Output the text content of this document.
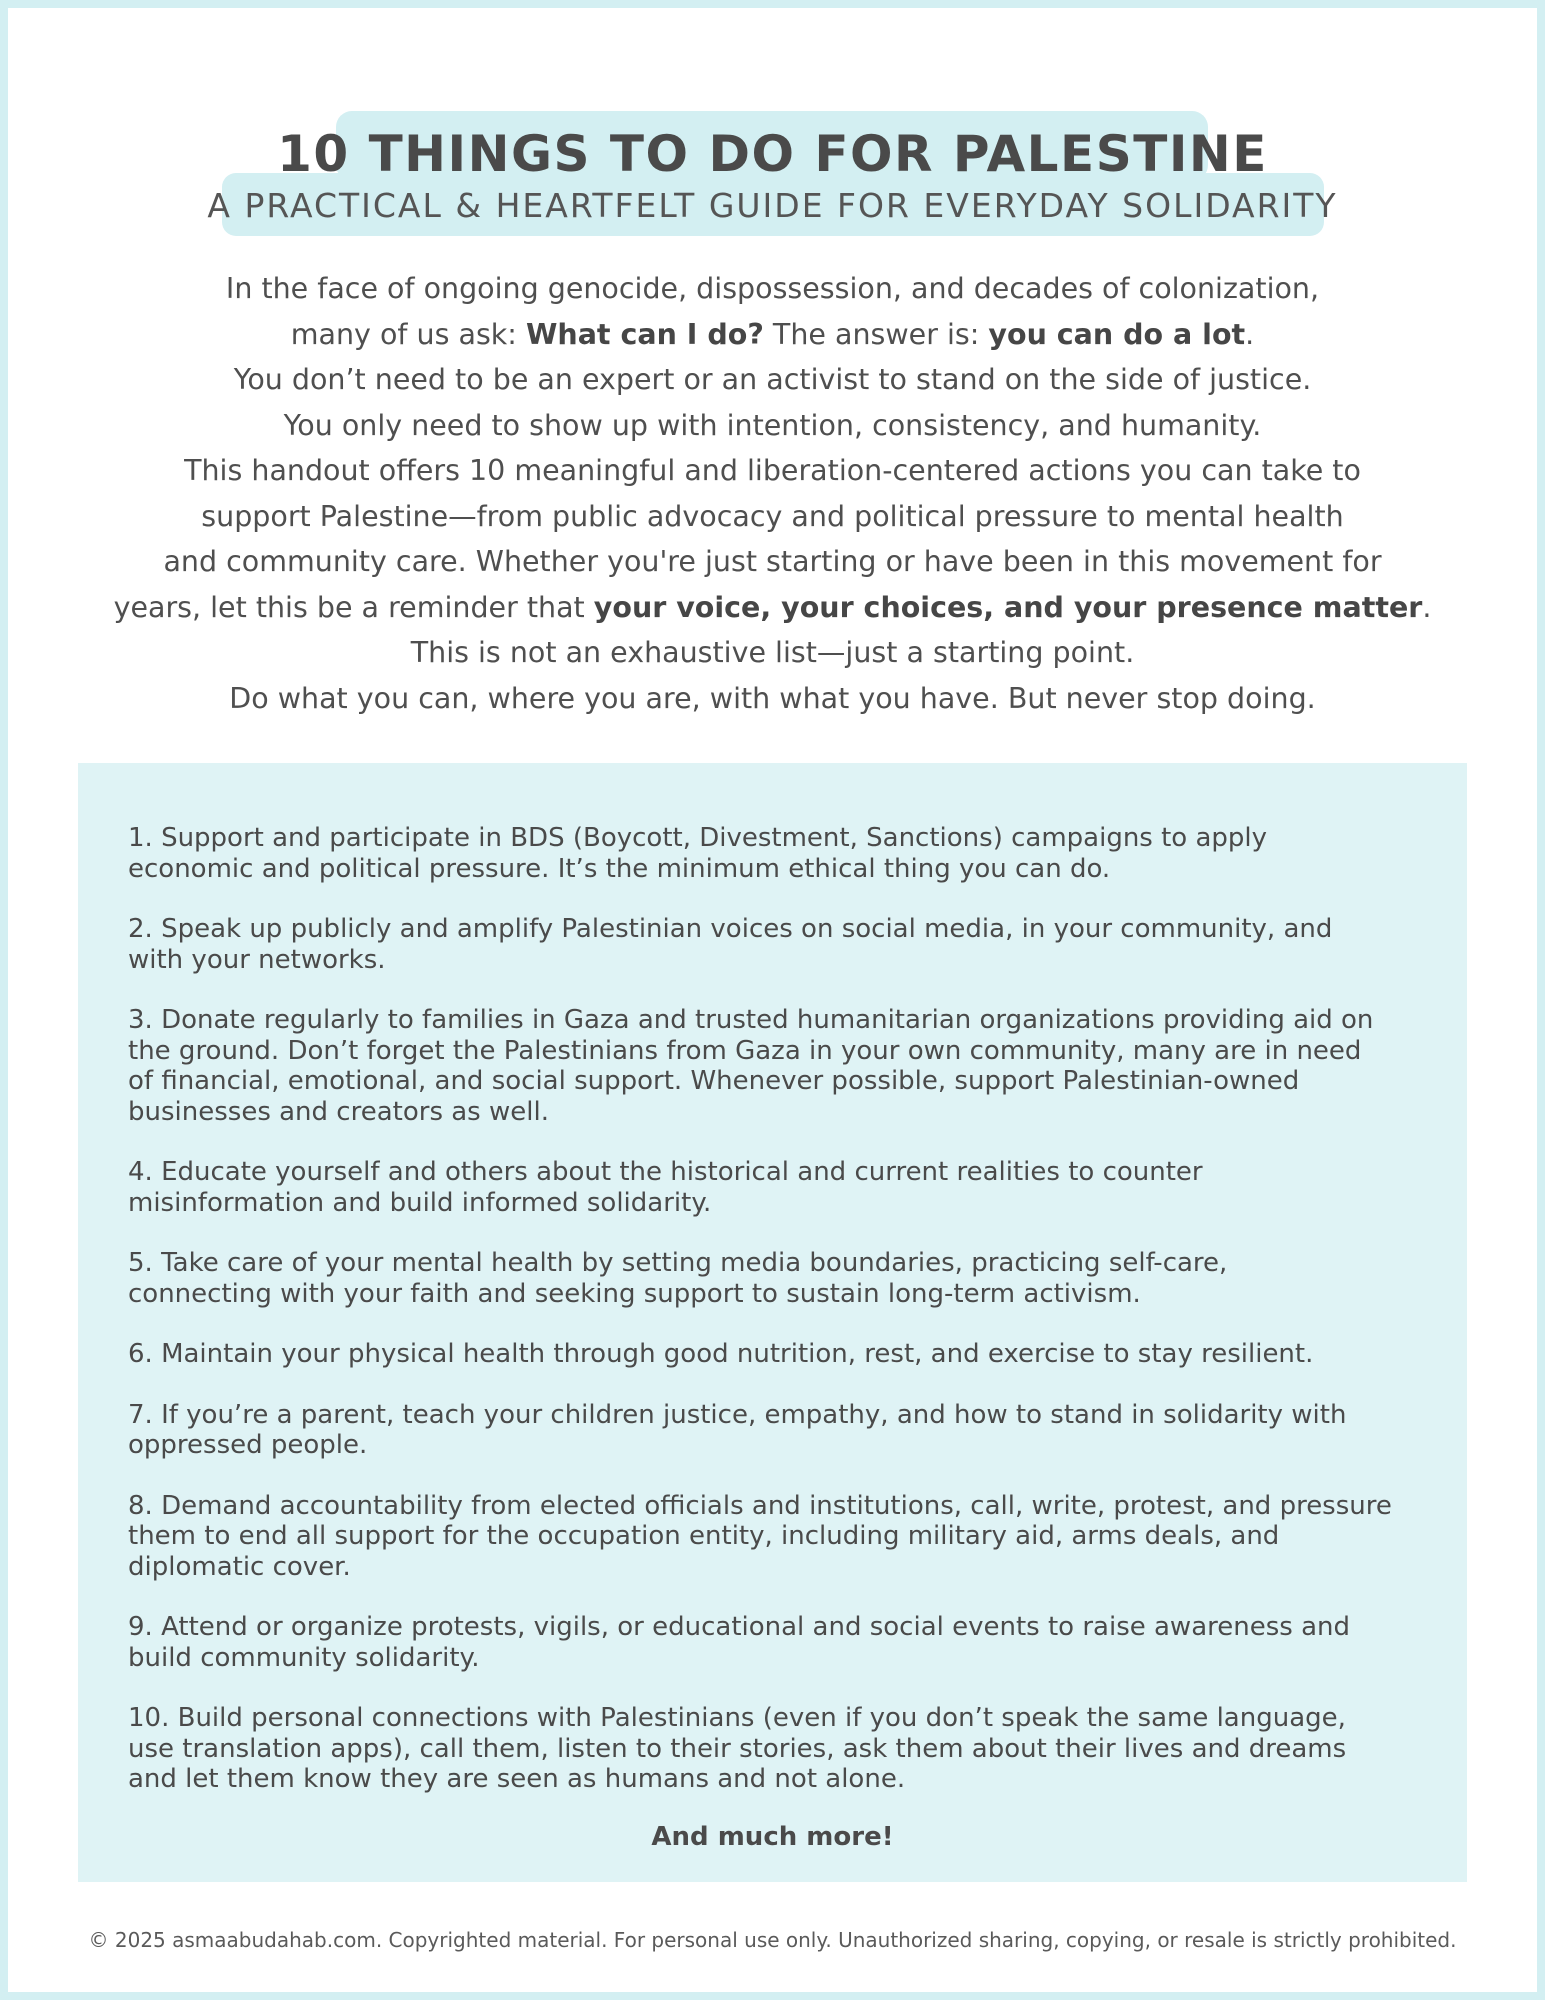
10 THINGS TO DO FOR PALESTINE
A PRACTICAL & HEARTFELT GUIDE FOR EVERYDAY SOLIDARITY

In the face of ongoing genocide, dispossession, and decades of colonization,

many of us ask: What can I do? The answer is: you can do a lot.

You don’t need to be an expert or an activist to stand on the side of justice.

You only need to show up with intention, consistency, and humanity.

This handout offers 10 meaningful and liberation-centered actions you can take to

support Palestine—from public advocacy and political pressure to mental health

and community care. Whether you're just starting or have been in this movement for

years, let this be a reminder that your voice, your choices, and your presence matter.

This is not an exhaustive list—just a starting point.

Do what you can, where you are, with what you have. But never stop doing.

1. Support and participate in BDS (Boycott, Divestment, Sanctions) campaigns to apply
economic and political pressure. It’s the minimum ethical thing you can do.

2. Speak up publicly and amplify Palestinian voices on social media, in your community, and
with your networks.

3. Donate regularly to families in Gaza and trusted humanitarian organizations providing aid on
the ground. Don’t forget the Palestinians from Gaza in your own community, many are in need
of financial, emotional, and social support. Whenever possible, support Palestinian-owned
businesses and creators as well.

4. Educate yourself and others about the historical and current realities to counter
misinformation and build informed solidarity.

5. Take care of your mental health by setting media boundaries, practicing self-care,
connecting with your faith and seeking support to sustain long-term activism.

6. Maintain your physical health through good nutrition, rest, and exercise to stay resilient.

7. If you’re a parent, teach your children justice, empathy, and how to stand in solidarity with
oppressed people.

8. Demand accountability from elected officials and institutions, call, write, protest, and pressure
them to end all support for the occupation entity, including military aid, arms deals, and
diplomatic cover.

9. Attend or organize protests, vigils, or educational and social events to raise awareness and
build community solidarity.

10. Build personal connections with Palestinians (even if you don’t speak the same language,
use translation apps), call them, listen to their stories, ask them about their lives and dreams
and let them know they are seen as humans and not alone.

And much more!
© 2025 asmaabudahab.com. Copyrighted material. For personal use only. Unauthorized sharing, copying, or resale is strictly prohibited.
